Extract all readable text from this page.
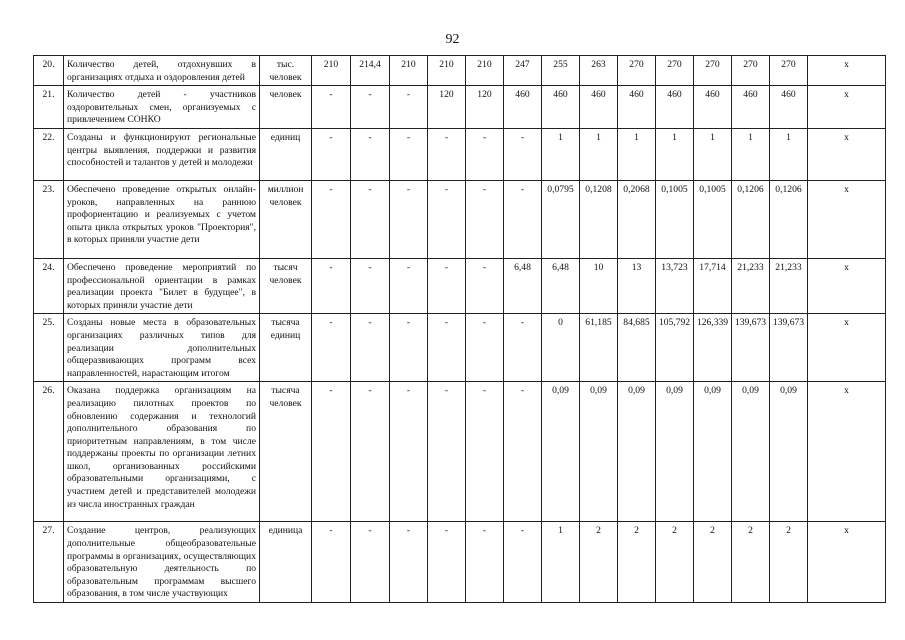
92
20.	Количество детей, отдохнувших в организациях отдыха и оздоровления детей	тыс. человек	210	214,4	210	210	210	247	255	263	270	270	270	270	270	х
21.	Количество детей - участников оздоровительных смен, организуемых с привлечением СОНКО	человек	-	-	-	120	120	460	460	460	460	460	460	460	460	х
22.	Созданы и функционируют региональные центры выявления, поддержки и развития способностей и талантов у детей и молодежи	единиц	-	-	-	-	-	-	1	1	1	1	1	1	1	х
23.	Обеспечено проведение открытых онлайн-уроков, направленных на раннюю профориентацию и реализуемых с учетом опыта цикла открытых уроков "Проектория", в которых приняли участие дети	миллион человек	-	-	-	-	-	-	0,0795	0,1208	0,2068	0,1005	0,1005	0,1206	0,1206	х
24.	Обеспечено проведение мероприятий по профессиональной ориентации в рамках реализации проекта "Билет в будущее", в которых приняли участие дети	тысяч человек	-	-	-	-	-	6,48	6,48	10	13	13,723	17,714	21,233	21,233	х
25.	Созданы новые места в образовательных организациях различных типов для реализации дополнительных общеразвивающих программ всех направленностей, нарастающим итогом	тысяча единиц	-	-	-	-	-	-	0	61,185	84,685	105,792	126,339	139,673	139,673	х
26.	Оказана поддержка организациям на реализацию пилотных проектов по обновлению содержания и технологий дополнительного образования по приоритетным направлениям, в том числе поддержаны проекты по организации летних школ, организованных российскими образовательными организациями, с участием детей и представителей молодежи из числа иностранных граждан	тысяча человек	-	-	-	-	-	-	0,09	0,09	0,09	0,09	0,09	0,09	0,09	х
27.	Создание центров, реализующих дополнительные общеобразовательные программы в организациях, осуществляющих образовательную деятельность по образовательным программам высшего образования, в том числе участвующих	единица	-	-	-	-	-	-	1	2	2	2	2	2	2	х
